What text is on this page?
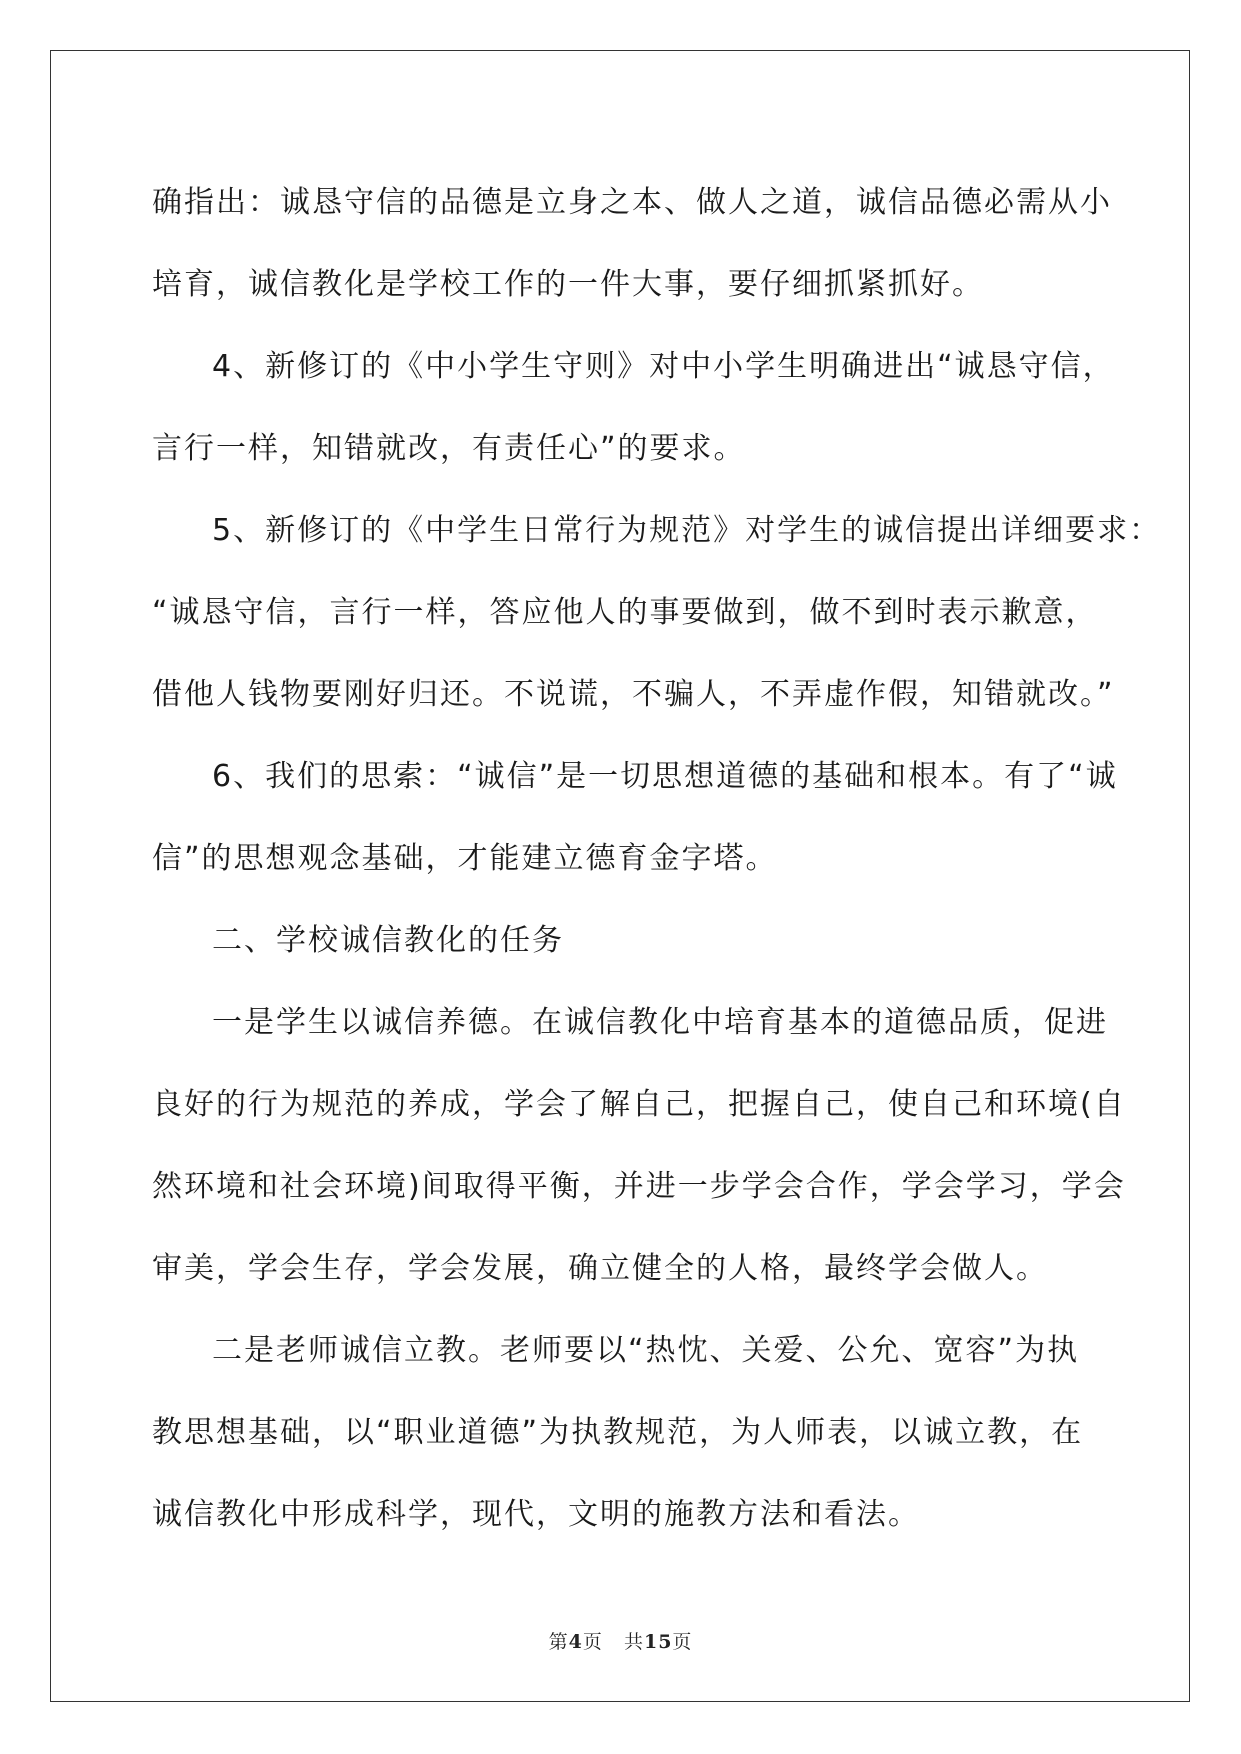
确指出：诚恳守信的品德是立身之本、做人之道，诚信品德必需从小
培育，诚信教化是学校工作的一件大事，要仔细抓紧抓好。
4、新修订的《中小学生守则》对中小学生明确进出“诚恳守信，
言行一样，知错就改，有责任心”的要求。
5、新修订的《中学生日常行为规范》对学生的诚信提出详细要求：
“诚恳守信，言行一样，答应他人的事要做到，做不到时表示歉意，
借他人钱物要刚好归还。不说谎，不骗人，不弄虚作假，知错就改。”
6、我们的思索：“诚信”是一切思想道德的基础和根本。有了“诚
信”的思想观念基础，才能建立德育金字塔。
二、学校诚信教化的任务
一是学生以诚信养德。在诚信教化中培育基本的道德品质，促进
良好的行为规范的养成，学会了解自己，把握自己，使自己和环境(自
然环境和社会环境)间取得平衡，并进一步学会合作，学会学习，学会
审美，学会生存，学会发展，确立健全的人格，最终学会做人。
二是老师诚信立教。老师要以“热忱、关爱、公允、宽容”为执
教思想基础，以“职业道德”为执教规范，为人师表，以诚立教，在
诚信教化中形成科学，现代，文明的施教方法和看法。
第4页 共15页
